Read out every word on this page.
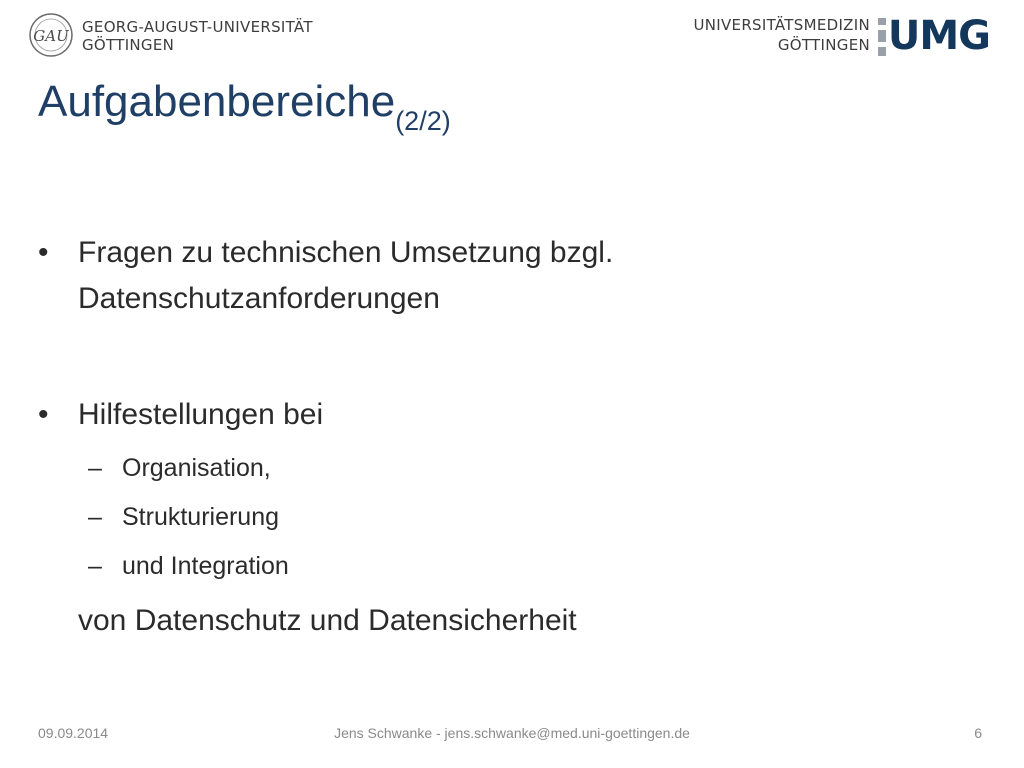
GAU GEORG-AUGUST-UNIVERSITÄT
GÖTTINGEN
UNIVERSITÄTSMEDIZIN
GÖTTINGEN UMG
Aufgabenbereiche$_{(2/2)}$
• Fragen zu technischen Umsetzung bzgl.
Datenschutzanforderungen
• Hilfestellungen bei
– Organisation,
– Strukturierung
– und Integration
von Datenschutz und Datensicherheit
09.09.2014	Jens Schwanke - jens.schwanke@med.uni-goettingen.de	6
